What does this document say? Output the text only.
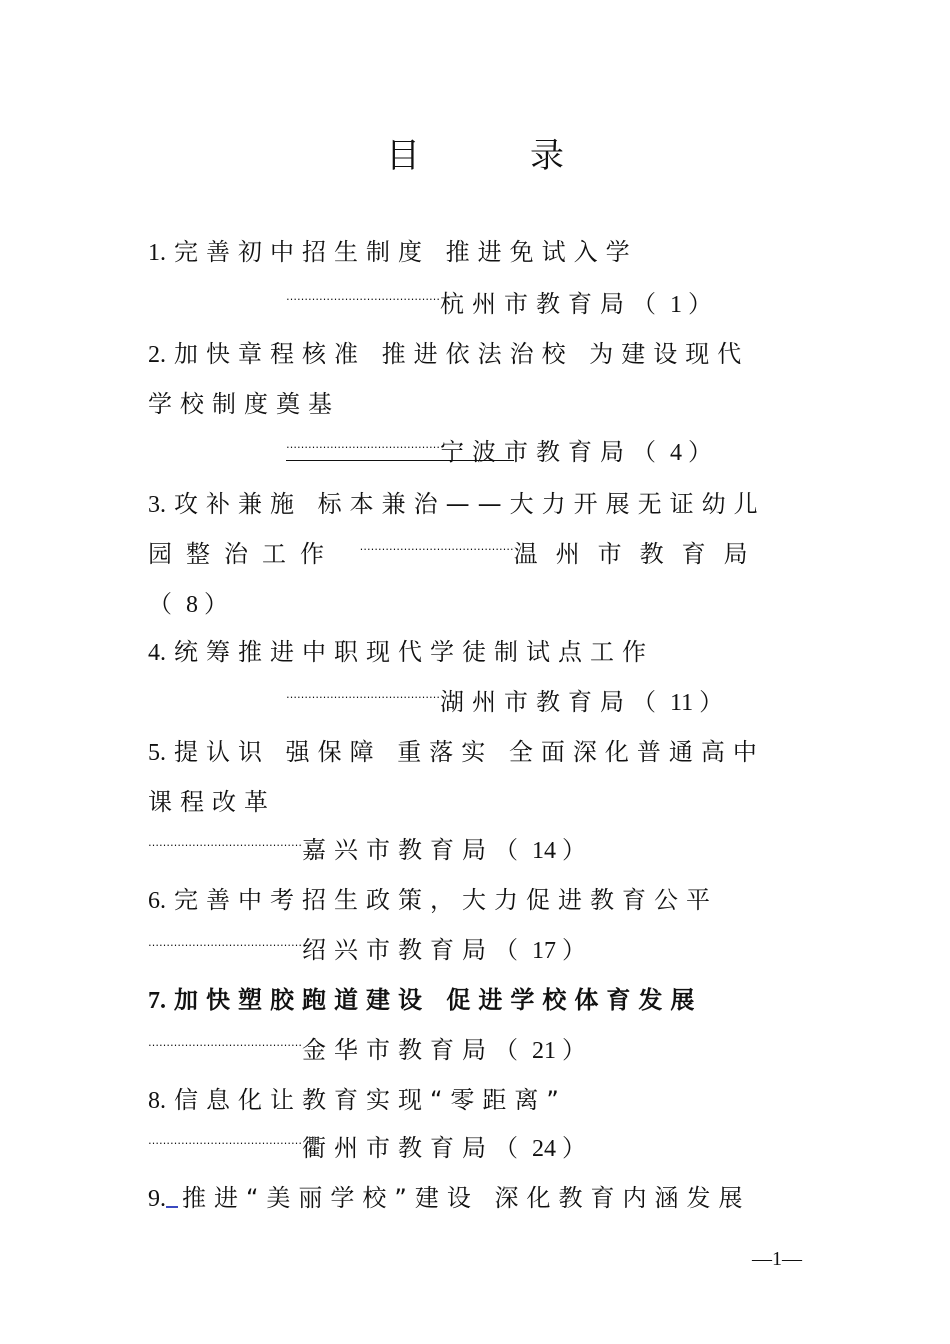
目	录
1. 完善初中招生制度 推进免试入学
……………………………………杭州市教育局（ 1 ）
2. 加快章程核准 推进依法治校 为建设现代
学校制度奠基
……………………………………宁波市教育局（ 4 ）
3. 攻补兼施 标本兼治——大力开展无证幼儿
园整治工作 ……………………………………温州市教育局
（ 8 ）
4. 统筹推进中职现代学徒制试点工作
……………………………………湖州市教育局（ 11 ）
5. 提认识 强保障 重落实 全面深化普通高中
课程改革
……………………………………嘉兴市教育局（ 14 ）
6. 完善中考招生政策，大力促进教育公平
……………………………………绍兴市教育局（ 17 ）
7. 加快塑胶跑道建设 促进学校体育发展
……………………………………金华市教育局（ 21 ）
8. 信息化让教育实现“零距离”
……………………………………衢州市教育局（ 24 ）
9. 推进“美丽学校”建设 深化教育内涵发展
—1—
